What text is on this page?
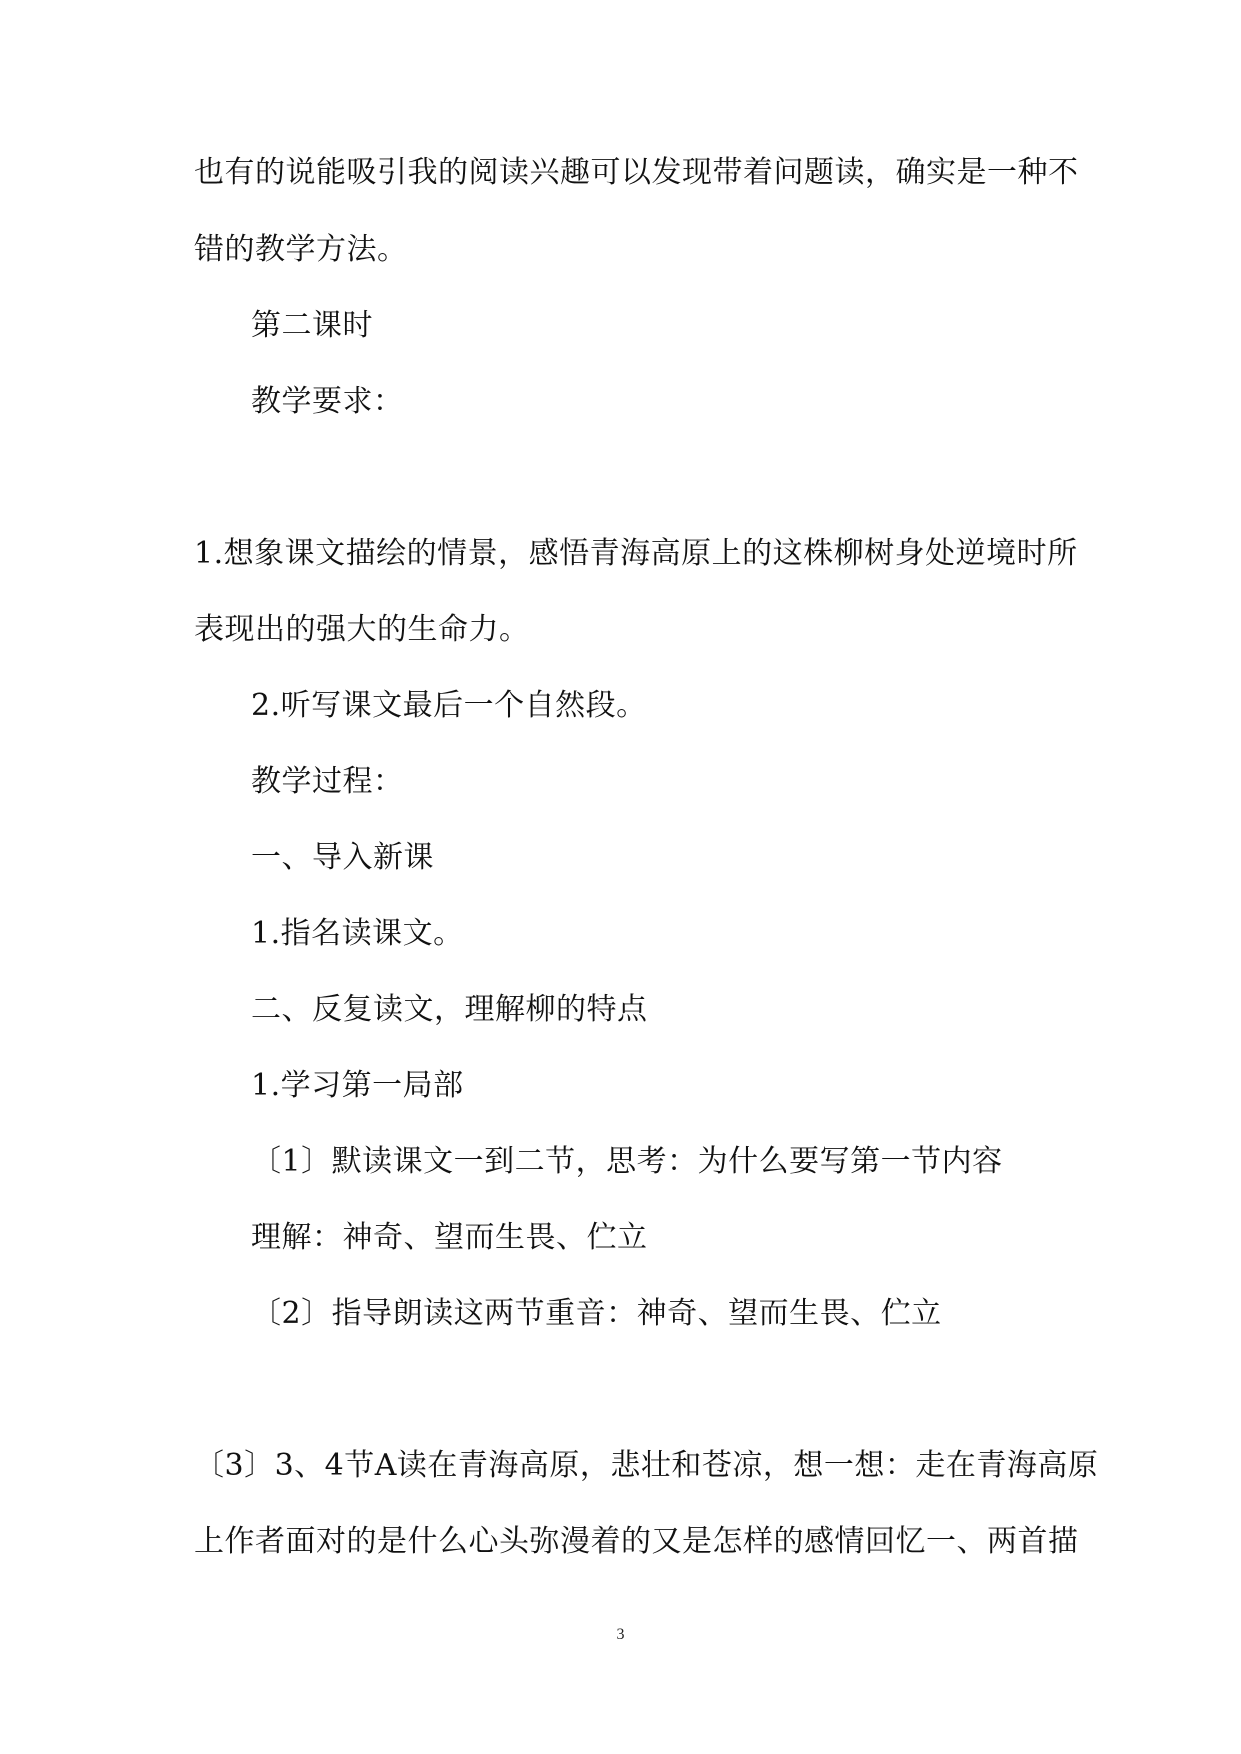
也有的说能吸引我的阅读兴趣可以发现带着问题读，确实是一种不
错的教学方法。
第二课时
教学要求：
1.想象课文描绘的情景，感悟青海高原上的这株柳树身处逆境时所
表现出的强大的生命力。
2.听写课文最后一个自然段。
教学过程：
一、导入新课
1.指名读课文。
二、反复读文，理解柳的特点
1.学习第一局部
〔1〕默读课文一到二节，思考：为什么要写第一节内容
理解：神奇、望而生畏、伫立
〔2〕指导朗读这两节重音：神奇、望而生畏、伫立
〔3〕3、4节A读在青海高原，悲壮和苍凉，想一想：走在青海高原
上作者面对的是什么心头弥漫着的又是怎样的感情回忆一、两首描
3
